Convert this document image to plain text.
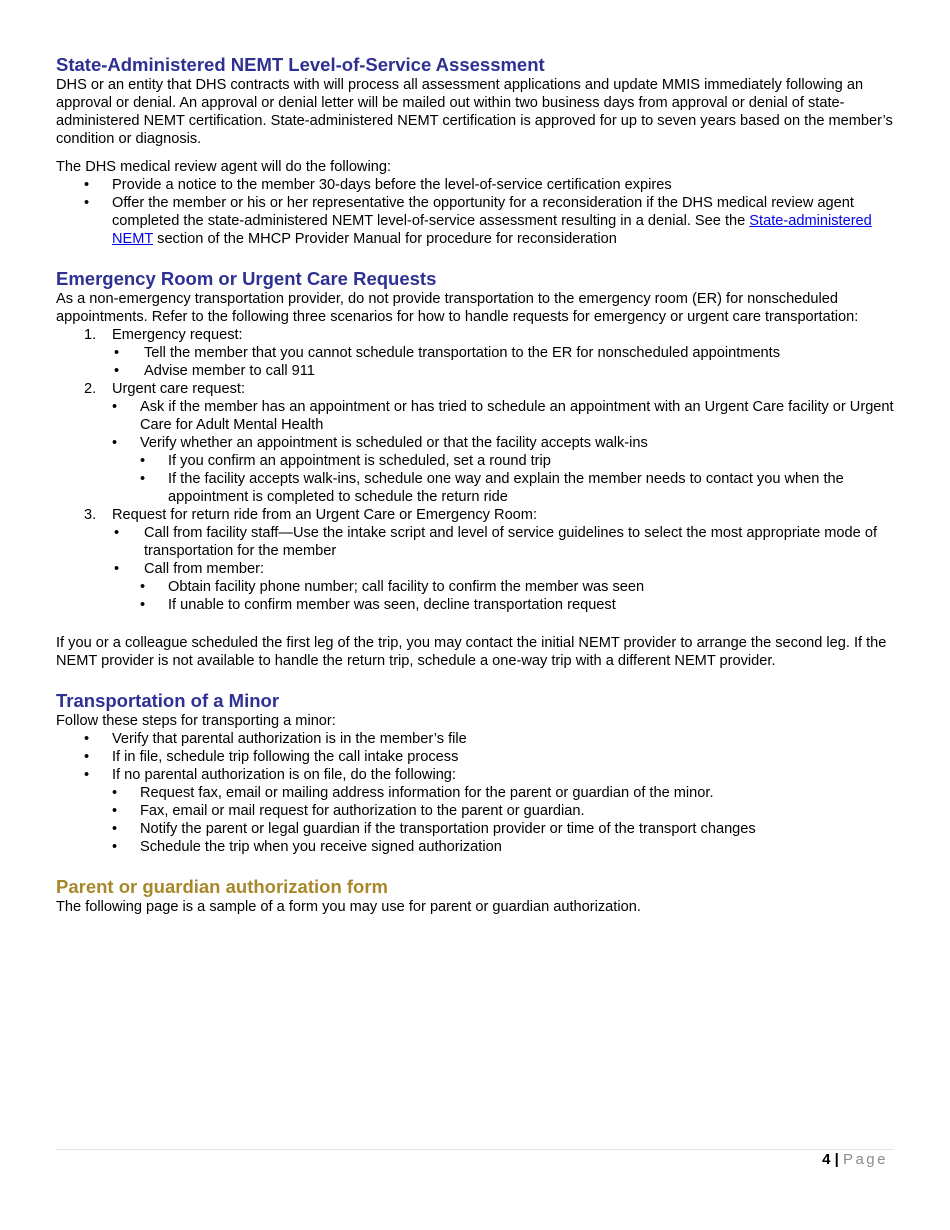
State-Administered NEMT Level-of-Service Assessment

DHS or an entity that DHS contracts with will process all assessment applications and update MMIS immediately following an approval or denial. An approval or denial letter will be mailed out within two business days from approval or denial of state-administered NEMT certification. State-administered NEMT certification is approved for up to seven years based on the member’s condition or diagnosis.

The DHS medical review agent will do the following:

• Provide a notice to the member 30-days before the level-of-service certification expires
• Offer the member or his or her representative the opportunity for a reconsideration if the DHS medical review agent completed the state-administered NEMT level-of-service assessment resulting in a denial. See the State-administered NEMT section of the MHCP Provider Manual for procedure for reconsideration
Emergency Room or Urgent Care Requests

As a non-emergency transportation provider, do not provide transportation to the emergency room (ER) for nonscheduled appointments. Refer to the following three scenarios for how to handle requests for emergency or urgent care transportation:

1. Emergency request:
• Tell the member that you cannot schedule transportation to the ER for nonscheduled appointments
• Advise member to call 911
2. Urgent care request:
• Ask if the member has an appointment or has tried to schedule an appointment with an Urgent Care facility or Urgent Care for Adult Mental Health
• Verify whether an appointment is scheduled or that the facility accepts walk-ins
• If you confirm an appointment is scheduled, set a round trip
• If the facility accepts walk-ins, schedule one way and explain the member needs to contact you when the appointment is completed to schedule the return ride
3. Request for return ride from an Urgent Care or Emergency Room:
• Call from facility staff—Use the intake script and level of service guidelines to select the most appropriate mode of transportation for the member
• Call from member:
• Obtain facility phone number; call facility to confirm the member was seen
• If unable to confirm member was seen, decline transportation request

If you or a colleague scheduled the first leg of the trip, you may contact the initial NEMT provider to arrange the second leg. If the NEMT provider is not available to handle the return trip, schedule a one-way trip with a different NEMT provider.

Transportation of a Minor

Follow these steps for transporting a minor:

• Verify that parental authorization is in the member’s file
• If in file, schedule trip following the call intake process
• If no parental authorization is on file, do the following:
• Request fax, email or mailing address information for the parent or guardian of the minor.
• Fax, email or mail request for authorization to the parent or guardian.
• Notify the parent or legal guardian if the transportation provider or time of the transport changes
• Schedule the trip when you receive signed authorization
Parent or guardian authorization form

The following page is a sample of a form you may use for parent or guardian authorization.

4 | Page
